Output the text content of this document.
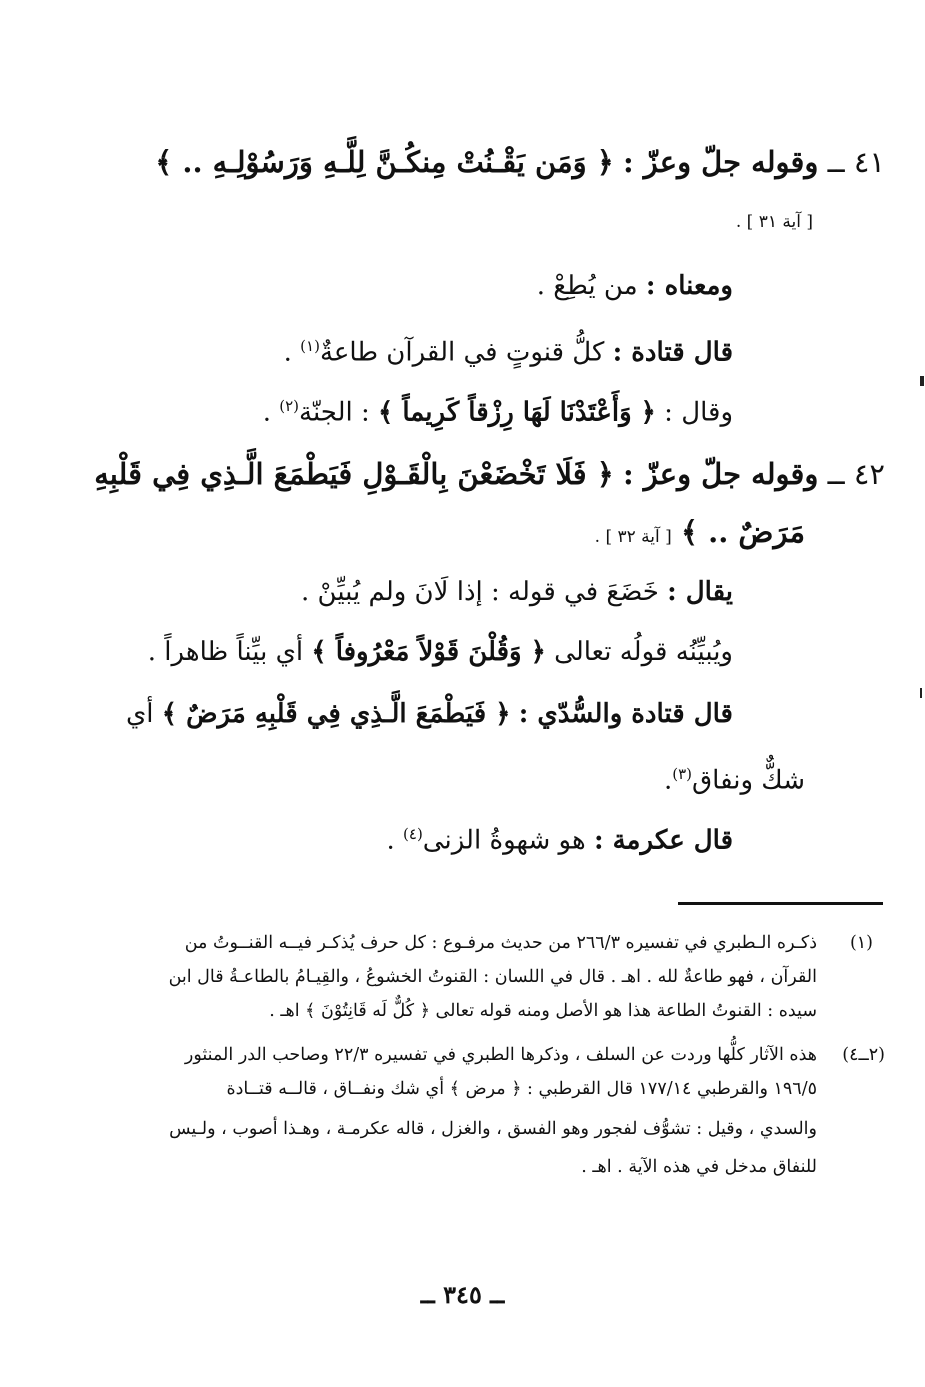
٤١ ــ وقوله جلّ وعزّ : ﴿ وَمَن يَقْـنُتْ مِنكُـنَّ لِلَّـهِ وَرَسُوْلِـهِ .. ﴾
[ آية ٣١ ] .
ومعناه : من يُطِعْ .
قال قتادة : كلُّ قنوتٍ في القرآن طاعةٌ$^{(١)}$ .
وقال : ﴿ وَأَعْتَدْنَا لَهَا رِزْقاً كَرِيماً ﴾ : الجنّة$^{(٢)}$ .
٤٢ ــ وقوله جلّ وعزّ : ﴿ فَلَا تَخْضَعْنَ بِالْقَـوْلِ فَيَطْمَعَ الَّـذِي فِي قَلْبِهِ
مَرَضٌ .. ﴾ [ آية ٣٢ ] .
يقال : خَضَعَ في قوله : إذا لَانَ ولم يُبيِّنْ .
ويُبيِّنُه قولُه تعالى ﴿ وَقُلْنَ قَوْلاً مَعْرُوفاً ﴾ أي بيِّناً ظاهراً .
قال قتادة والسُّدّي : ﴿ فَيَطْمَعَ الَّـذِي فِي قَلْبِهِ مَرَضٌ ﴾ أي
شكٌّ ونفاق$^{(٣)}$.
قال عكرمة : هو شهوةُ الزنى$^{(٤)}$ .
(١)
ذكـره الـطبري في تفسيره ٢٦٦/٣ من حديث مرفـوع : كل حرف يُذكـر فيــه القنــوتُ من
القرآن ، فهو طاعةٌ لله . اهـ . قال في اللسان : القنوتُ الخشوعُ ، والقِيـامُ بالطاعـةُ قال ابن
سيده : القنوتُ الطاعة هذا هو الأصل ومنه قوله تعالى ﴿ كُلٌّ لَه قَانِتُوْنَ ﴾ اهـ .
(٢ــ٤)
هذه الآثار كلُّها وردت عن السلف ، وذكرها الطبري في تفسيره ٢٢/٣ وصاحب الدر المنثور
١٩٦/٥ والقرطبي ١٧٧/١٤ قال القرطبي : ﴿ مرض ﴾ أي شك ونفــاق ، قالــه قتــادة
والسدي ، وقيل : تشوُّف لفجور وهو الفسق ، والغزل ، قاله عكرمـة ، وهـذا أصوب ، ولـيس
للنفاق مدخل في هذه الآية . اهـ .
ــ ٣٤٥ ــ
